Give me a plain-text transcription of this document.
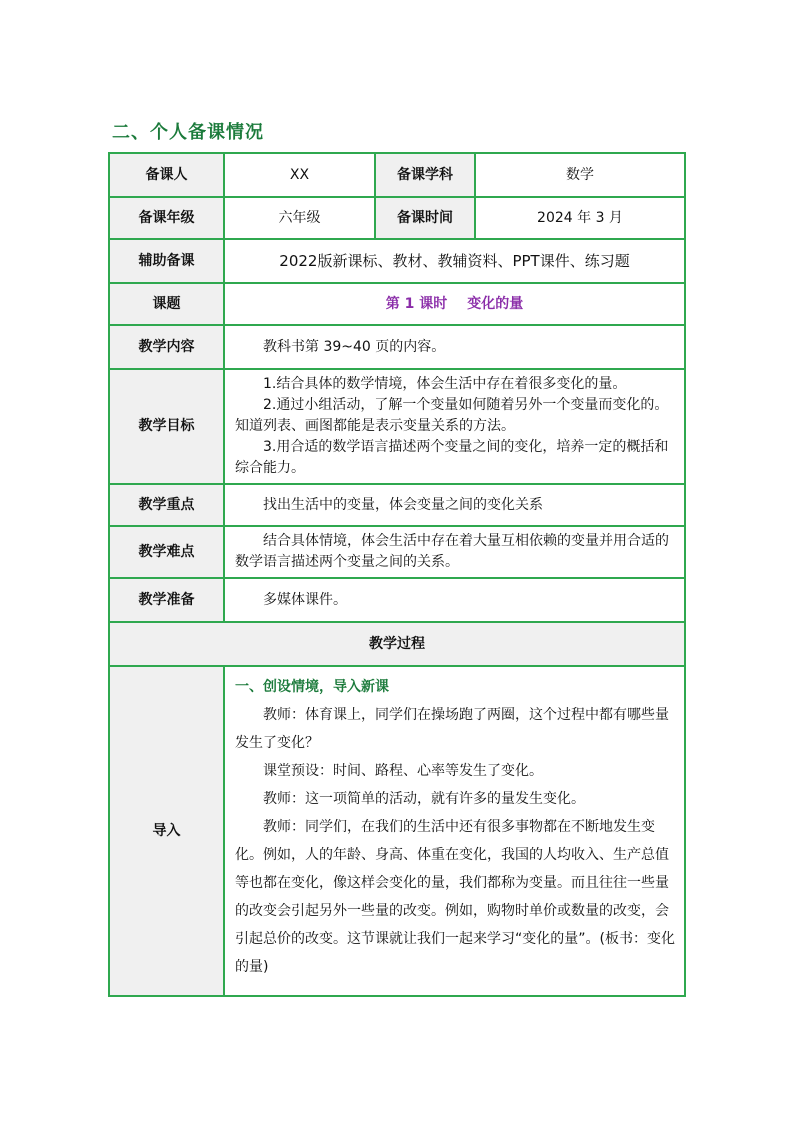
二、个人备课情况
备课人	XX	备课学科	数学
备课年级	六年级	备课时间	2024 年 3 月
辅助备课	2022版新课标、教材、教辅资料、PPT课件、练习题		
课题	第 1 课时 变化的量		
教学内容	教科书第 39~40 页的内容。		

教学目标	1.结合具体的数学情境，体会生活中存在着很多变化的量。

2.通过小组活动，了解一个变量如何随着另外一个变量而变化的。知道列表、画图都能是表示变量关系的方法。

3.用合适的数学语言描述两个变量之间的变化，培养一定的概括和综合能力。		

教学重点	找出生活中的变量，体会变量之间的变化关系		

教学难点	结合具体情境，体会生活中存在着大量互相依赖的变量并用合适的数学语言描述两个变量之间的关系。		

教学准备	多媒体课件。		

教学过程			
导入	一、创设情境，导入新课

教师：体育课上，同学们在操场跑了两圈，这个过程中都有哪些量发生了变化？

课堂预设：时间、路程、心率等发生了变化。

教师：这一项简单的活动，就有许多的量发生变化。

教师：同学们，在我们的生活中还有很多事物都在不断地发生变化。例如，人的年龄、身高、体重在变化，我国的人均收入、生产总值等也都在变化，像这样会变化的量，我们都称为变量。而且往往一些量的改变会引起另外一些量的改变。例如，购物时单价或数量的改变，会引起总价的改变。这节课就让我们一起来学习“变化的量”。(板书：变化的量)		
